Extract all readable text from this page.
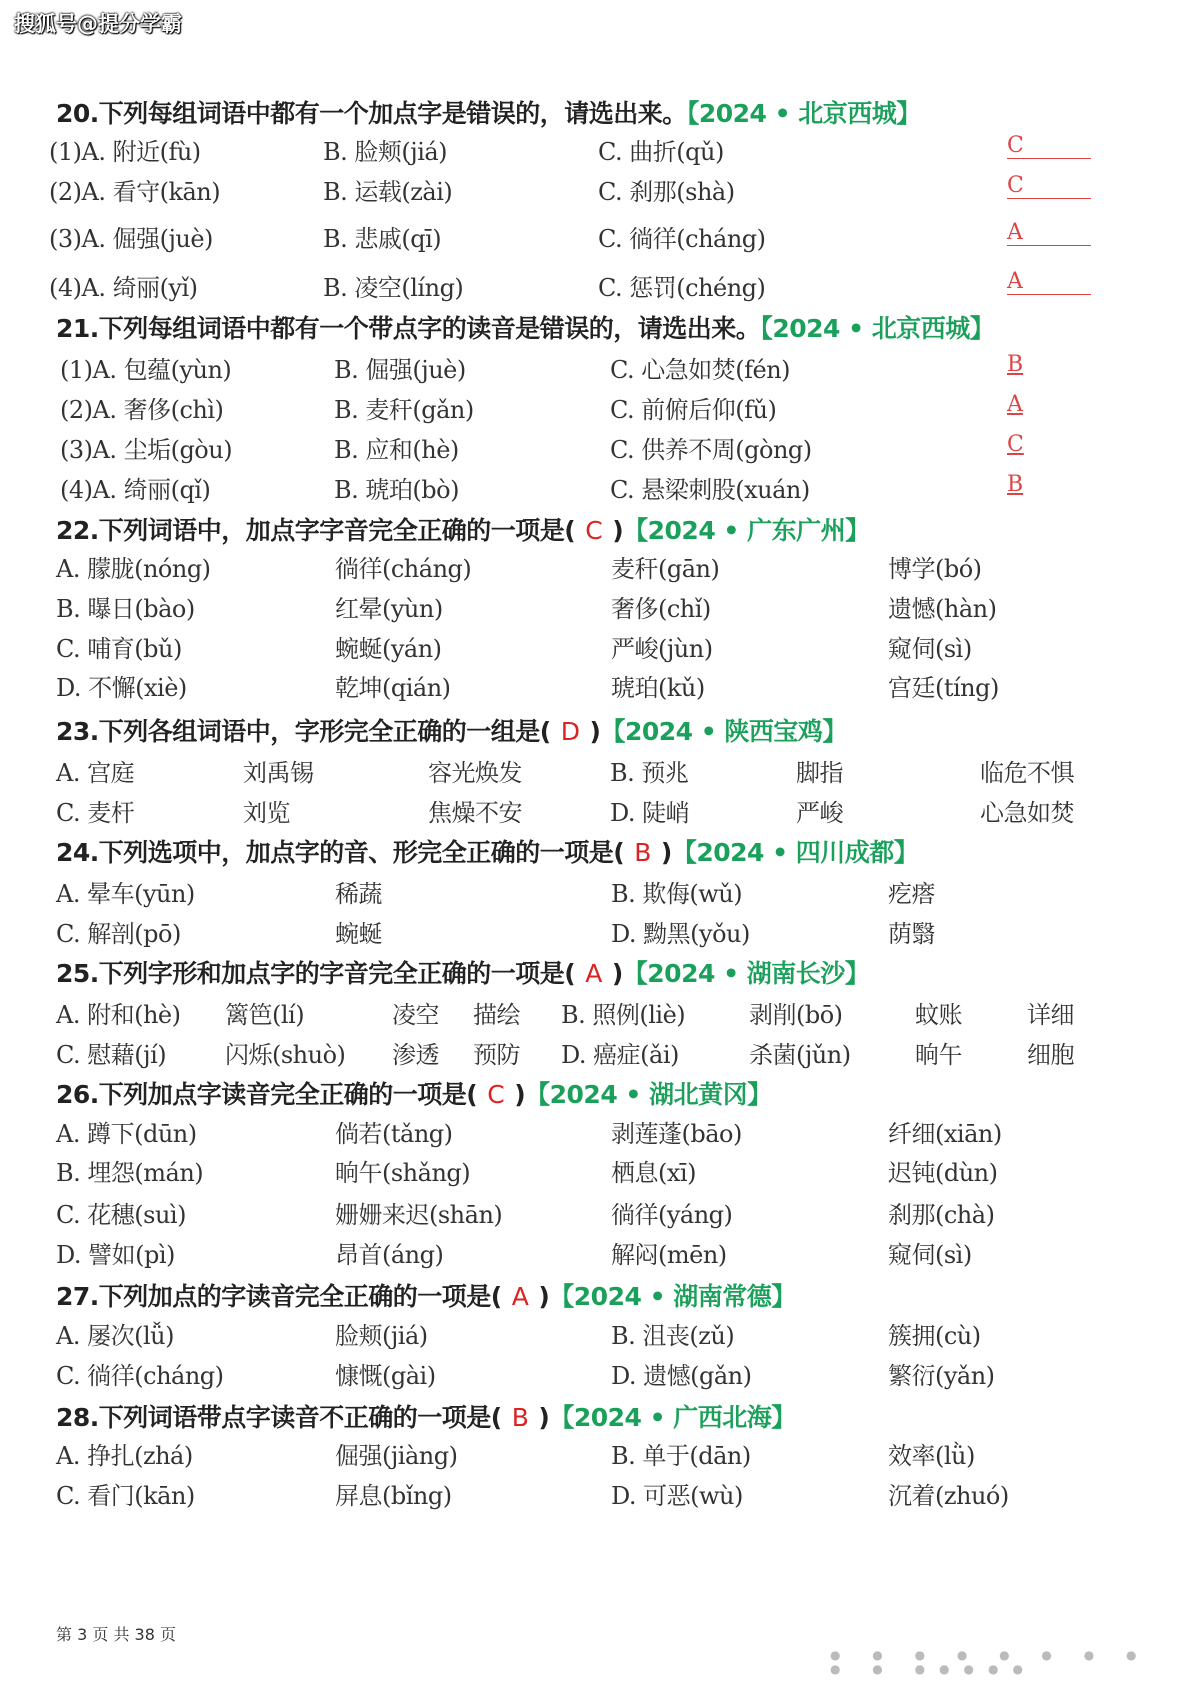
搜狐号@提分学霸
20.下列每组词语中都有一个加点字是错误的，请选出来。【2024 • 北京西城】
(1)A. 附近(fù)	B. 脸颊(jiá)	C. 曲折(qǔ)	C
(2)A. 看守(kān)	B. 运载(zài)	C. 刹那(shà)	C
(3)A. 倔强(juè)	B. 悲戚(qī)	C. 徜徉(cháng)	A
(4)A. 绮丽(yǐ)	B. 凌空(líng)	C. 惩罚(chéng)	A
21.下列每组词语中都有一个带点字的读音是错误的，请选出来。【2024 • 北京西城】
(1)A. 包蕴(yùn)	B. 倔强(juè)	C. 心急如焚(fén)	B
(2)A. 奢侈(chì)	B. 麦秆(gǎn)	C. 前俯后仰(fǔ)	A
(3)A. 尘垢(gòu)	B. 应和(hè)	C. 供养不周(gòng)	C
(4)A. 绮丽(qǐ)	B. 琥珀(bò)	C. 悬梁刺股(xuán)	B
22.下列词语中，加点字字音完全正确的一项是( C )【2024 • 广东广州】
A. 朦胧(nóng)	徜徉(cháng)	麦秆(gān)	博学(bó)
B. 曝日(bào)	红晕(yùn)	奢侈(chǐ)	遗憾(hàn)
C. 哺育(bǔ)	蜿蜒(yán)	严峻(jùn)	窥伺(sì)
D. 不懈(xiè)	乾坤(qián)	琥珀(kǔ)	宫廷(tíng)
23.下列各组词语中，字形完全正确的一组是( D )【2024 • 陕西宝鸡】
A. 宫庭	刘禹锡	容光焕发	B. 预兆	脚指	临危不惧
C. 麦杆	刘览	焦燥不安	D. 陡峭	严峻	心急如焚
24.下列选项中，加点字的音、形完全正确的一项是( B )【2024 • 四川成都】
A. 晕车(yūn)	稀蔬	B. 欺侮(wǔ)	疙瘩
C. 解剖(pō)	蜿蜒	D. 黝黑(yǒu)	荫翳
25.下列字形和加点字的字音完全正确的一项是( A )【2024 • 湖南长沙】
A. 附和(hè) 篱笆(lí)	凌空 描绘 B. 照例(liè)	剥削(bō)	蚊账	详细
C. 慰藉(jí) 闪烁(shuò) 渗透 预防 D. 癌症(ǎi)	杀菌(jǔn)	晌午	细胞
26.下列加点字读音完全正确的一项是( C )【2024 • 湖北黄冈】
A. 蹲下(dūn)	倘若(tǎng)	剥莲蓬(bāo)	纤细(xiān)
B. 埋怨(mán)	晌午(shǎng)	栖息(xī)	迟钝(dùn)
C. 花穗(suì)	姗姗来迟(shān)	徜徉(yáng)	刹那(chà)
D. 譬如(pì)	昂首(áng)	解闷(mēn)	窥伺(sì)
27.下列加点的字读音完全正确的一项是( A )【2024 • 湖南常德】
A. 屡次(lǚ)	脸颊(jiá)	B. 沮丧(zǔ)	簇拥(cù)
C. 徜徉(cháng)	慷慨(gài)	D. 遗憾(gǎn)	繁衍(yǎn)
28.下列词语带点字读音不正确的一项是( B )【2024 • 广西北海】
A. 挣扎(zhá)	倔强(jiàng)	B. 单于(dān)	效率(lǜ)
C. 看门(kān)	屏息(bǐng)	D. 可恶(wù)	沉着(zhuó)
第 3 页 共 38 页
● ● ● ● ● ● ● ● ● ● ●●●●●
